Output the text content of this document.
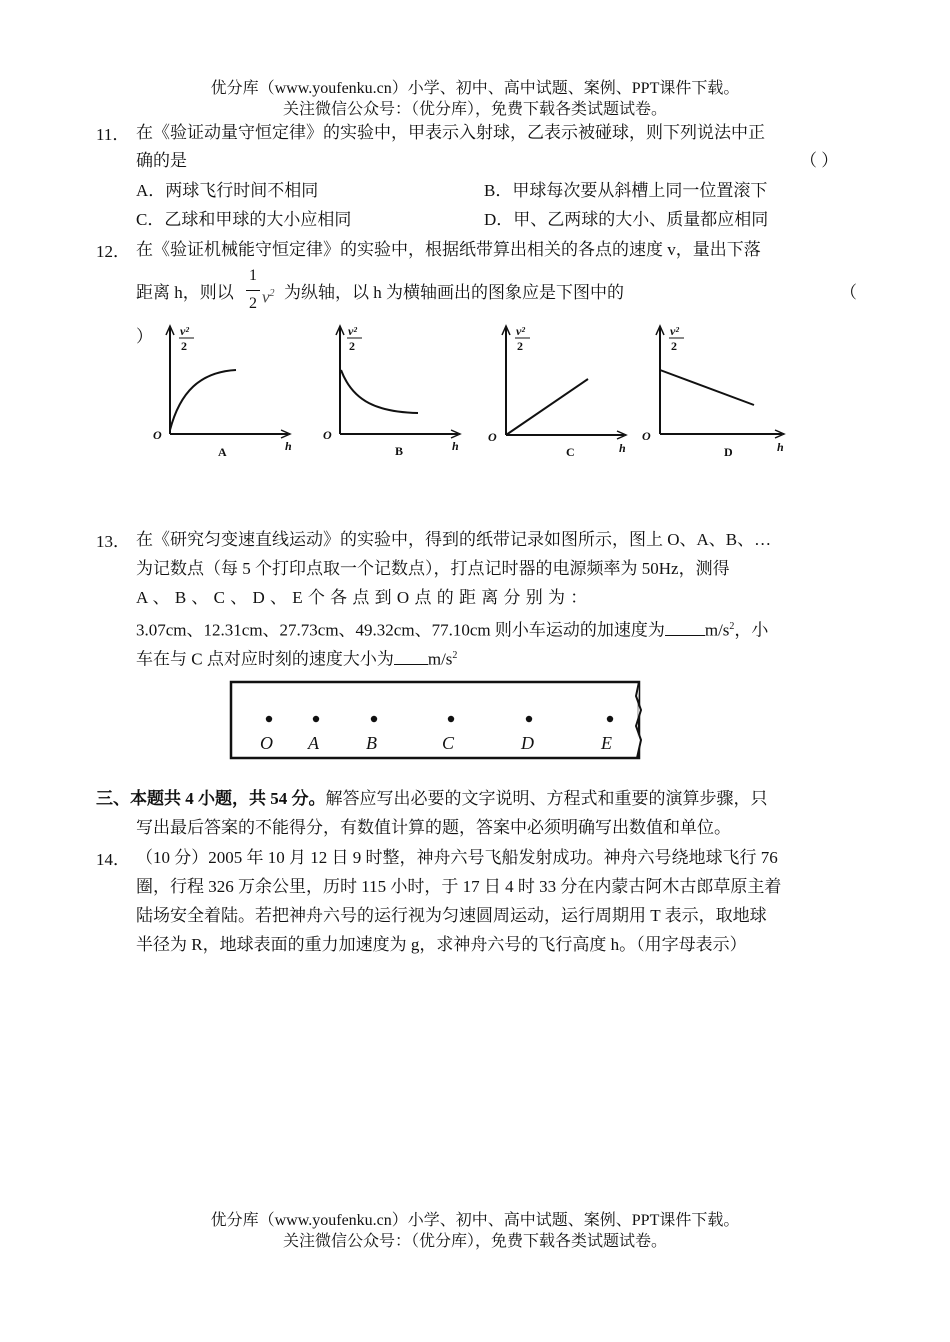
优分库（www.youfenku.cn）小学、初中、高中试题、案例、PPT课件下载。
关注微信公众号：（优分库），免费下载各类试题试卷。
11． 在《验证动量守恒定律》的实验中，甲表示入射球，乙表示被碰球，则下列说法中正
确的是	（ ）
A．两球飞行时间不相同	B．甲球每次要从斜槽上同一位置滚下
C．乙球和甲球的大小应相同	D．甲、乙两球的大小、质量都应相同
12． 在《验证机械能守恒定律》的实验中，根据纸带算出相关的各点的速度 v，量出下落
距离 h，则以
1
2 $v^2$ 为纵轴，以 h 为横轴画出的图象应是下图中的	（
） v²
2
O
h
A
v²
2
O
h
B
v²
2
O
h
C
v²
2
O
h
D
13． 在《研究匀变速直线运动》的实验中，得到的纸带记录如图所示，图上 O、A、B、…
为记数点（每 5 个打印点取一个记数点），打点记时器的电源频率为 50Hz，测得
A 、 B 、 C 、 D 、 E 个 各 点 到 O 点 的 距 离 分 别 为 ：
3.07cm、12.31cm、27.73cm、49.32cm、77.10cm 则小车运动的加速度为 $m/s^2$，小
车在与 C 点对应时刻的速度大小为 $m/s^2$
O A	B	C	D	E
三、本题共 4 小题，共 54 分。解答应写出必要的文字说明、方程式和重要的演算步骤，只
写出最后答案的不能得分，有数值计算的题，答案中必须明确写出数值和单位。
14． （10 分）2005 年 10 月 12 日 9 时整，神舟六号飞船发射成功。神舟六号绕地球飞行 76
圈，行程 326 万余公里，历时 115 小时，于 17 日 4 时 33 分在内蒙古阿木古郎草原主着
陆场安全着陆。若把神舟六号的运行视为匀速圆周运动，运行周期用 T 表示，取地球
半径为 R，地球表面的重力加速度为 g，求神舟六号的飞行高度 h。（用字母表示）
优分库（www.youfenku.cn）小学、初中、高中试题、案例、PPT课件下载。
关注微信公众号：（优分库），免费下载各类试题试卷。
